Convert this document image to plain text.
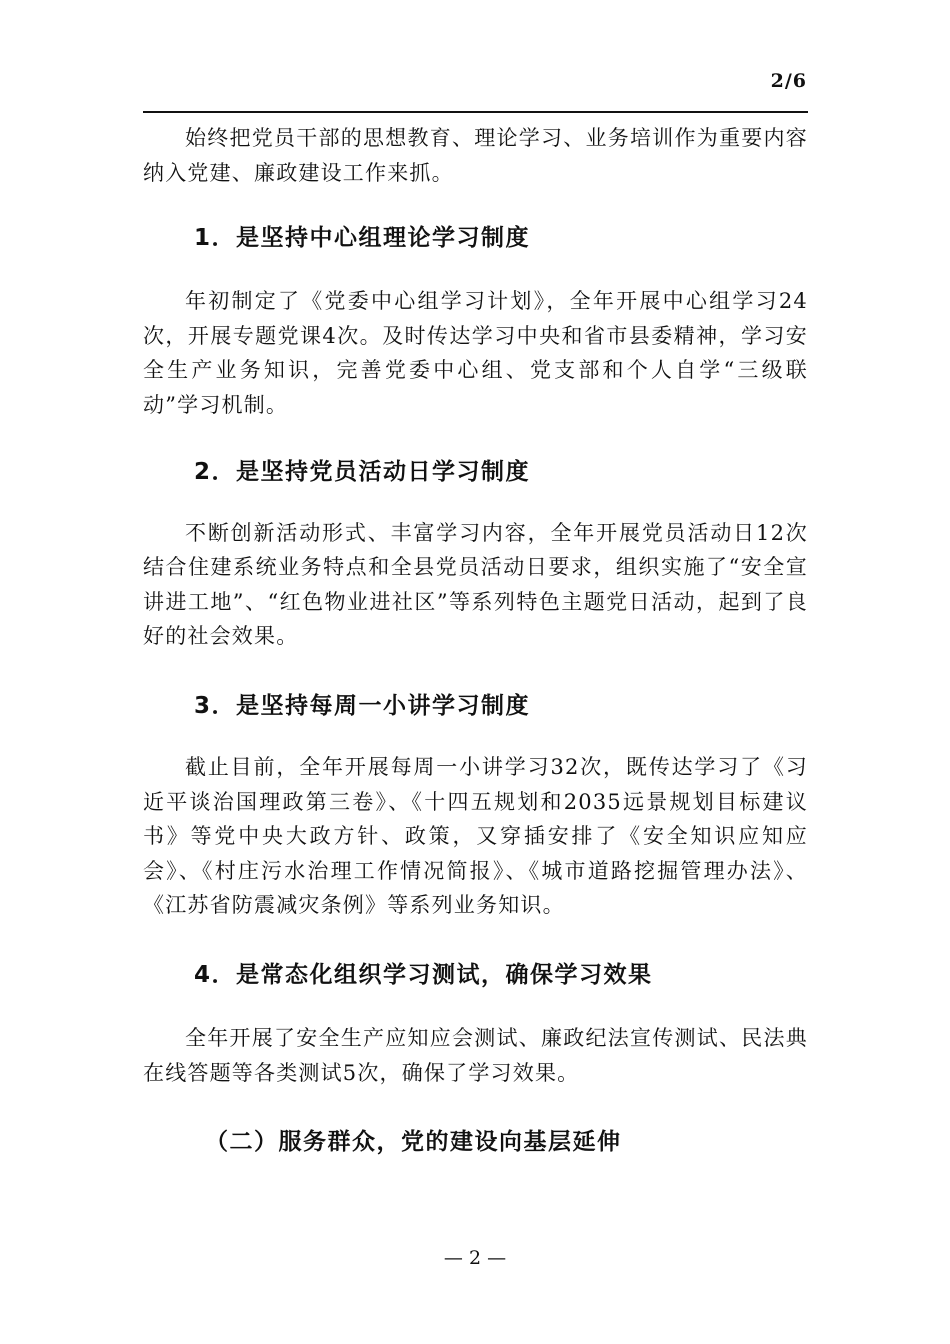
2/6

始终把党员干部的思想教育、理论学习、业务培训作为重要内容纳入党建、廉政建设工作来抓。

1．是坚持中心组理论学习制度

年初制定了《党委中心组学习计划》，全年开展中心组学习24次，开展专题党课4次。及时传达学习中央和省市县委精神，学习安全生产业务知识，完善党委中心组、党支部和个人自学“三级联动”学习机制。

2．是坚持党员活动日学习制度

不断创新活动形式、丰富学习内容，全年开展党员活动日12次结合住建系统业务特点和全县党员活动日要求，组织实施了“安全宣讲进工地”、“红色物业进社区”等系列特色主题党日活动，起到了良好的社会效果。

3．是坚持每周一小讲学习制度

截止目前，全年开展每周一小讲学习32次，既传达学习了《习近平谈治国理政第三卷》、《十四五规划和2035远景规划目标建议书》等党中央大政方针、政策，又穿插安排了《安全知识应知应会》、《村庄污水治理工作情况简报》、《城市道路挖掘管理办法》、《江苏省防震减灾条例》等系列业务知识。

4．是常态化组织学习测试，确保学习效果

全年开展了安全生产应知应会测试、廉政纪法宣传测试、民法典在线答题等各类测试5次，确保了学习效果。

（二）服务群众，党的建设向基层延伸
— 2 —
